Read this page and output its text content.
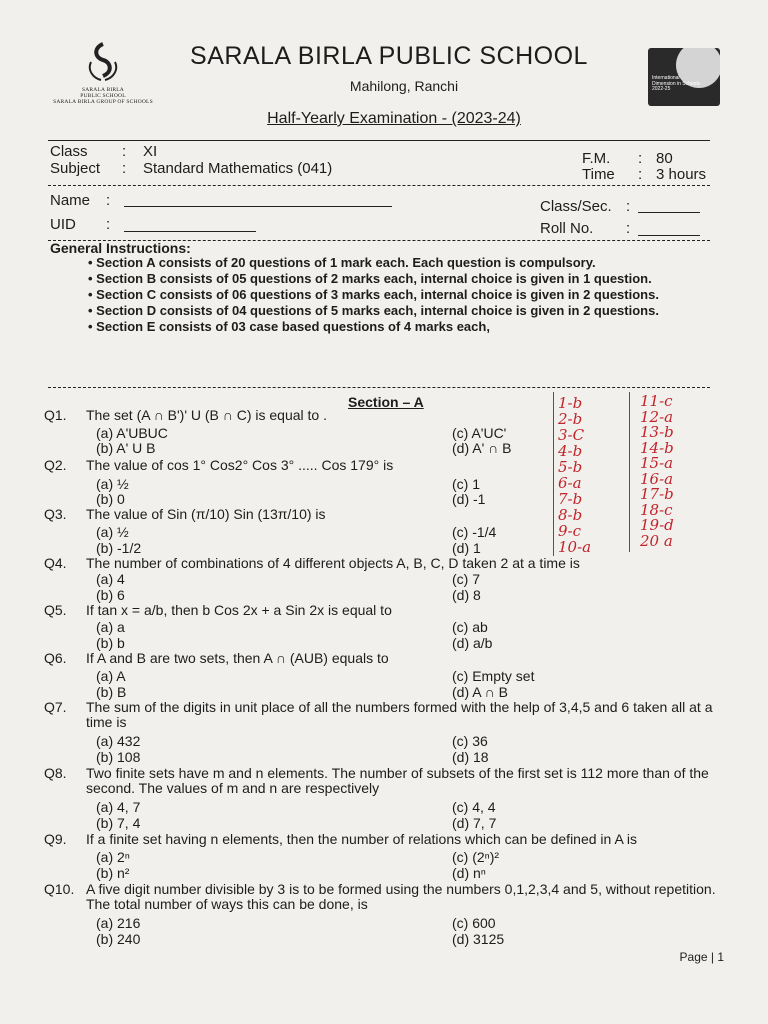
SARALA BIRLA
PUBLIC SCHOOL
SARALA BIRLA GROUP OF SCHOOLS
SARALA BIRLA PUBLIC SCHOOL
Mahilong, Ranchi
Half-Yearly Examination - (2023-24)
International Dimension in Schools 2022-25
Class : XI
Subject : Standard Mathematics (041)
F.M. : 80
Time : 3 hours
Name :
UID :
Class/Sec. :
Roll No. :
General Instructions:
• Section A consists of 20 questions of 1 mark each. Each question is compulsory.
• Section B consists of 05 questions of 2 marks each, internal choice is given in 1 question.
• Section C consists of 06 questions of 3 marks each, internal choice is given in 2 questions.
• Section D consists of 04 questions of 5 marks each, internal choice is given in 2 questions.
• Section E consists of 03 case based questions of 4 marks each,
Section – A
Q1. The set (A ∩ B')' U (B ∩ C) is equal to .
(a) A'UBUC
(b) A' U B
(c) A'UC'
(d) A' ∩ B
Q2. The value of cos 1° Cos2° Cos 3° ..... Cos 179° is
(a) ½
(b) 0
(c) 1
(d) -1
Q3. The value of Sin (π/10) Sin (13π/10) is
(a) ½
(b) -1/2
(c) -1/4
(d) 1
Q4. The number of combinations of 4 different objects A, B, C, D taken 2 at a time is
(a) 4
(b) 6
(c) 7
(d) 8
Q5. If tan x = a/b, then b Cos 2x + a Sin 2x is equal to
(a) a
(b) b
(c) ab
(d) a/b
Q6. If A and B are two sets, then A ∩ (AUB) equals to
(a) A
(b) B
(c) Empty set
(d) A ∩ B
Q7. The sum of the digits in unit place of all the numbers formed with the help of 3,4,5 and 6 taken all at a time is
(a) 432
(b) 108
(c) 36
(d) 18
Q8. Two finite sets have m and n elements. The number of subsets of the first set is 112 more than of the second. The values of m and n are respectively
(a) 4, 7
(b) 7, 4
(c) 4, 4
(d) 7, 7
Q9. If a finite set having n elements, then the number of relations which can be defined in A is
(a) 2ⁿ
(b) n²
(c) (2ⁿ)²
(d) nⁿ
Q10. A five digit number divisible by 3 is to be formed using the numbers 0,1,2,3,4 and 5, without repetition. The total number of ways this can be done, is
(a) 216
(b) 240
(c) 600
(d) 3125
1-b
2-b
3-C
4-b
5-b
6-a
7-b
8-b
9-c
10-a
11-c
12-a
13-b
14-b
15-a
16-a
17-b
18-c
19-d
20 a
Page | 1
